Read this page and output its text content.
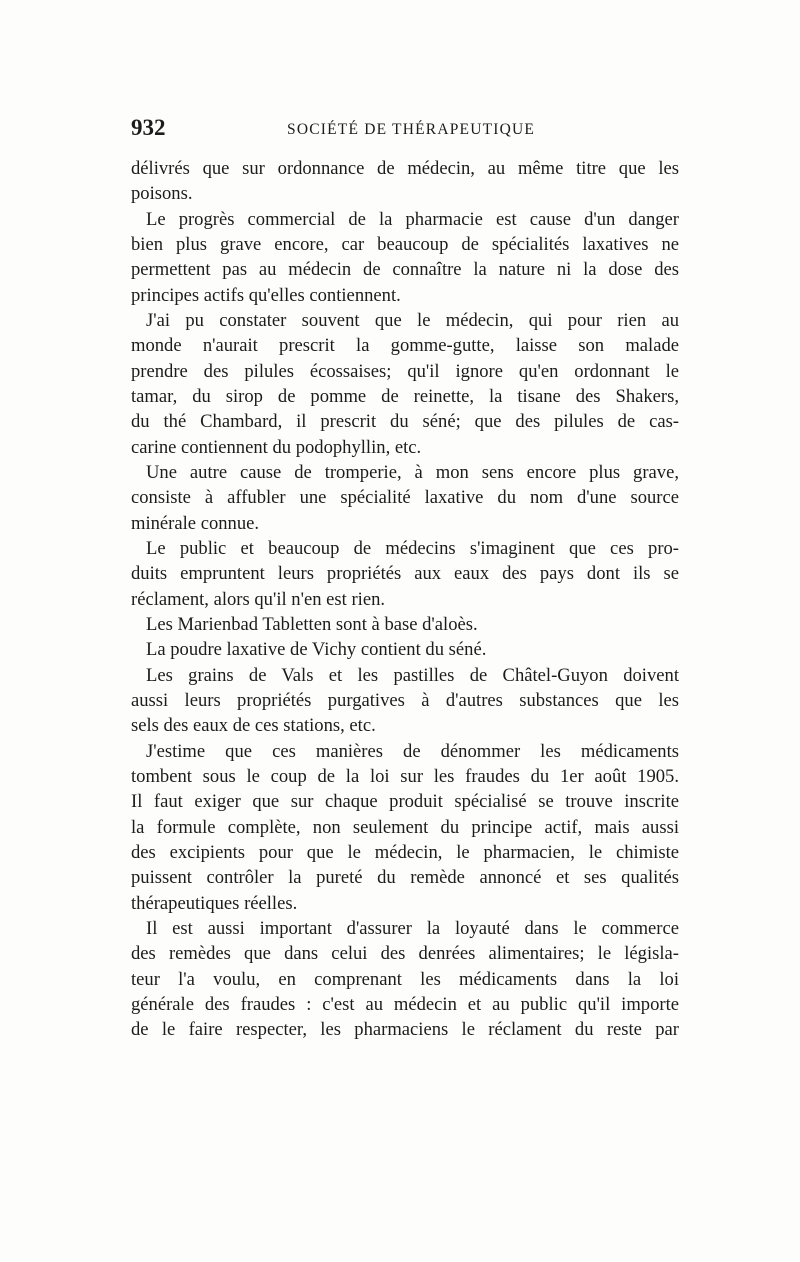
932	SOCIÉTÉ DE THÉRAPEUTIQUE
délivrés que sur ordonnance de médecin, au même titre que les
poisons.
Le progrès commercial de la pharmacie est cause d'un danger
bien plus grave encore, car beaucoup de spécialités laxatives ne
permettent pas au médecin de connaître la nature ni la dose des
principes actifs qu'elles contiennent.
J'ai pu constater souvent que le médecin, qui pour rien au
monde n'aurait prescrit la gomme-gutte, laisse son malade
prendre des pilules écossaises; qu'il ignore qu'en ordonnant le
tamar, du sirop de pomme de reinette, la tisane des Shakers,
du thé Chambard, il prescrit du séné; que des pilules de cas-
carine contiennent du podophyllin, etc.
Une autre cause de tromperie, à mon sens encore plus grave,
consiste à affubler une spécialité laxative du nom d'une source
minérale connue.
Le public et beaucoup de médecins s'imaginent que ces pro-
duits empruntent leurs propriétés aux eaux des pays dont ils se
réclament, alors qu'il n'en est rien.
Les Marienbad Tabletten sont à base d'aloès.
La poudre laxative de Vichy contient du séné.
Les grains de Vals et les pastilles de Châtel-Guyon doivent
aussi leurs propriétés purgatives à d'autres substances que les
sels des eaux de ces stations, etc.
J'estime que ces manières de dénommer les médicaments
tombent sous le coup de la loi sur les fraudes du 1er août 1905.
Il faut exiger que sur chaque produit spécialisé se trouve inscrite
la formule complète, non seulement du principe actif, mais aussi
des excipients pour que le médecin, le pharmacien, le chimiste
puissent contrôler la pureté du remède annoncé et ses qualités
thérapeutiques réelles.
Il est aussi important d'assurer la loyauté dans le commerce
des remèdes que dans celui des denrées alimentaires; le législa-
teur l'a voulu, en comprenant les médicaments dans la loi
générale des fraudes : c'est au médecin et au public qu'il importe
de le faire respecter, les pharmaciens le réclament du reste par
